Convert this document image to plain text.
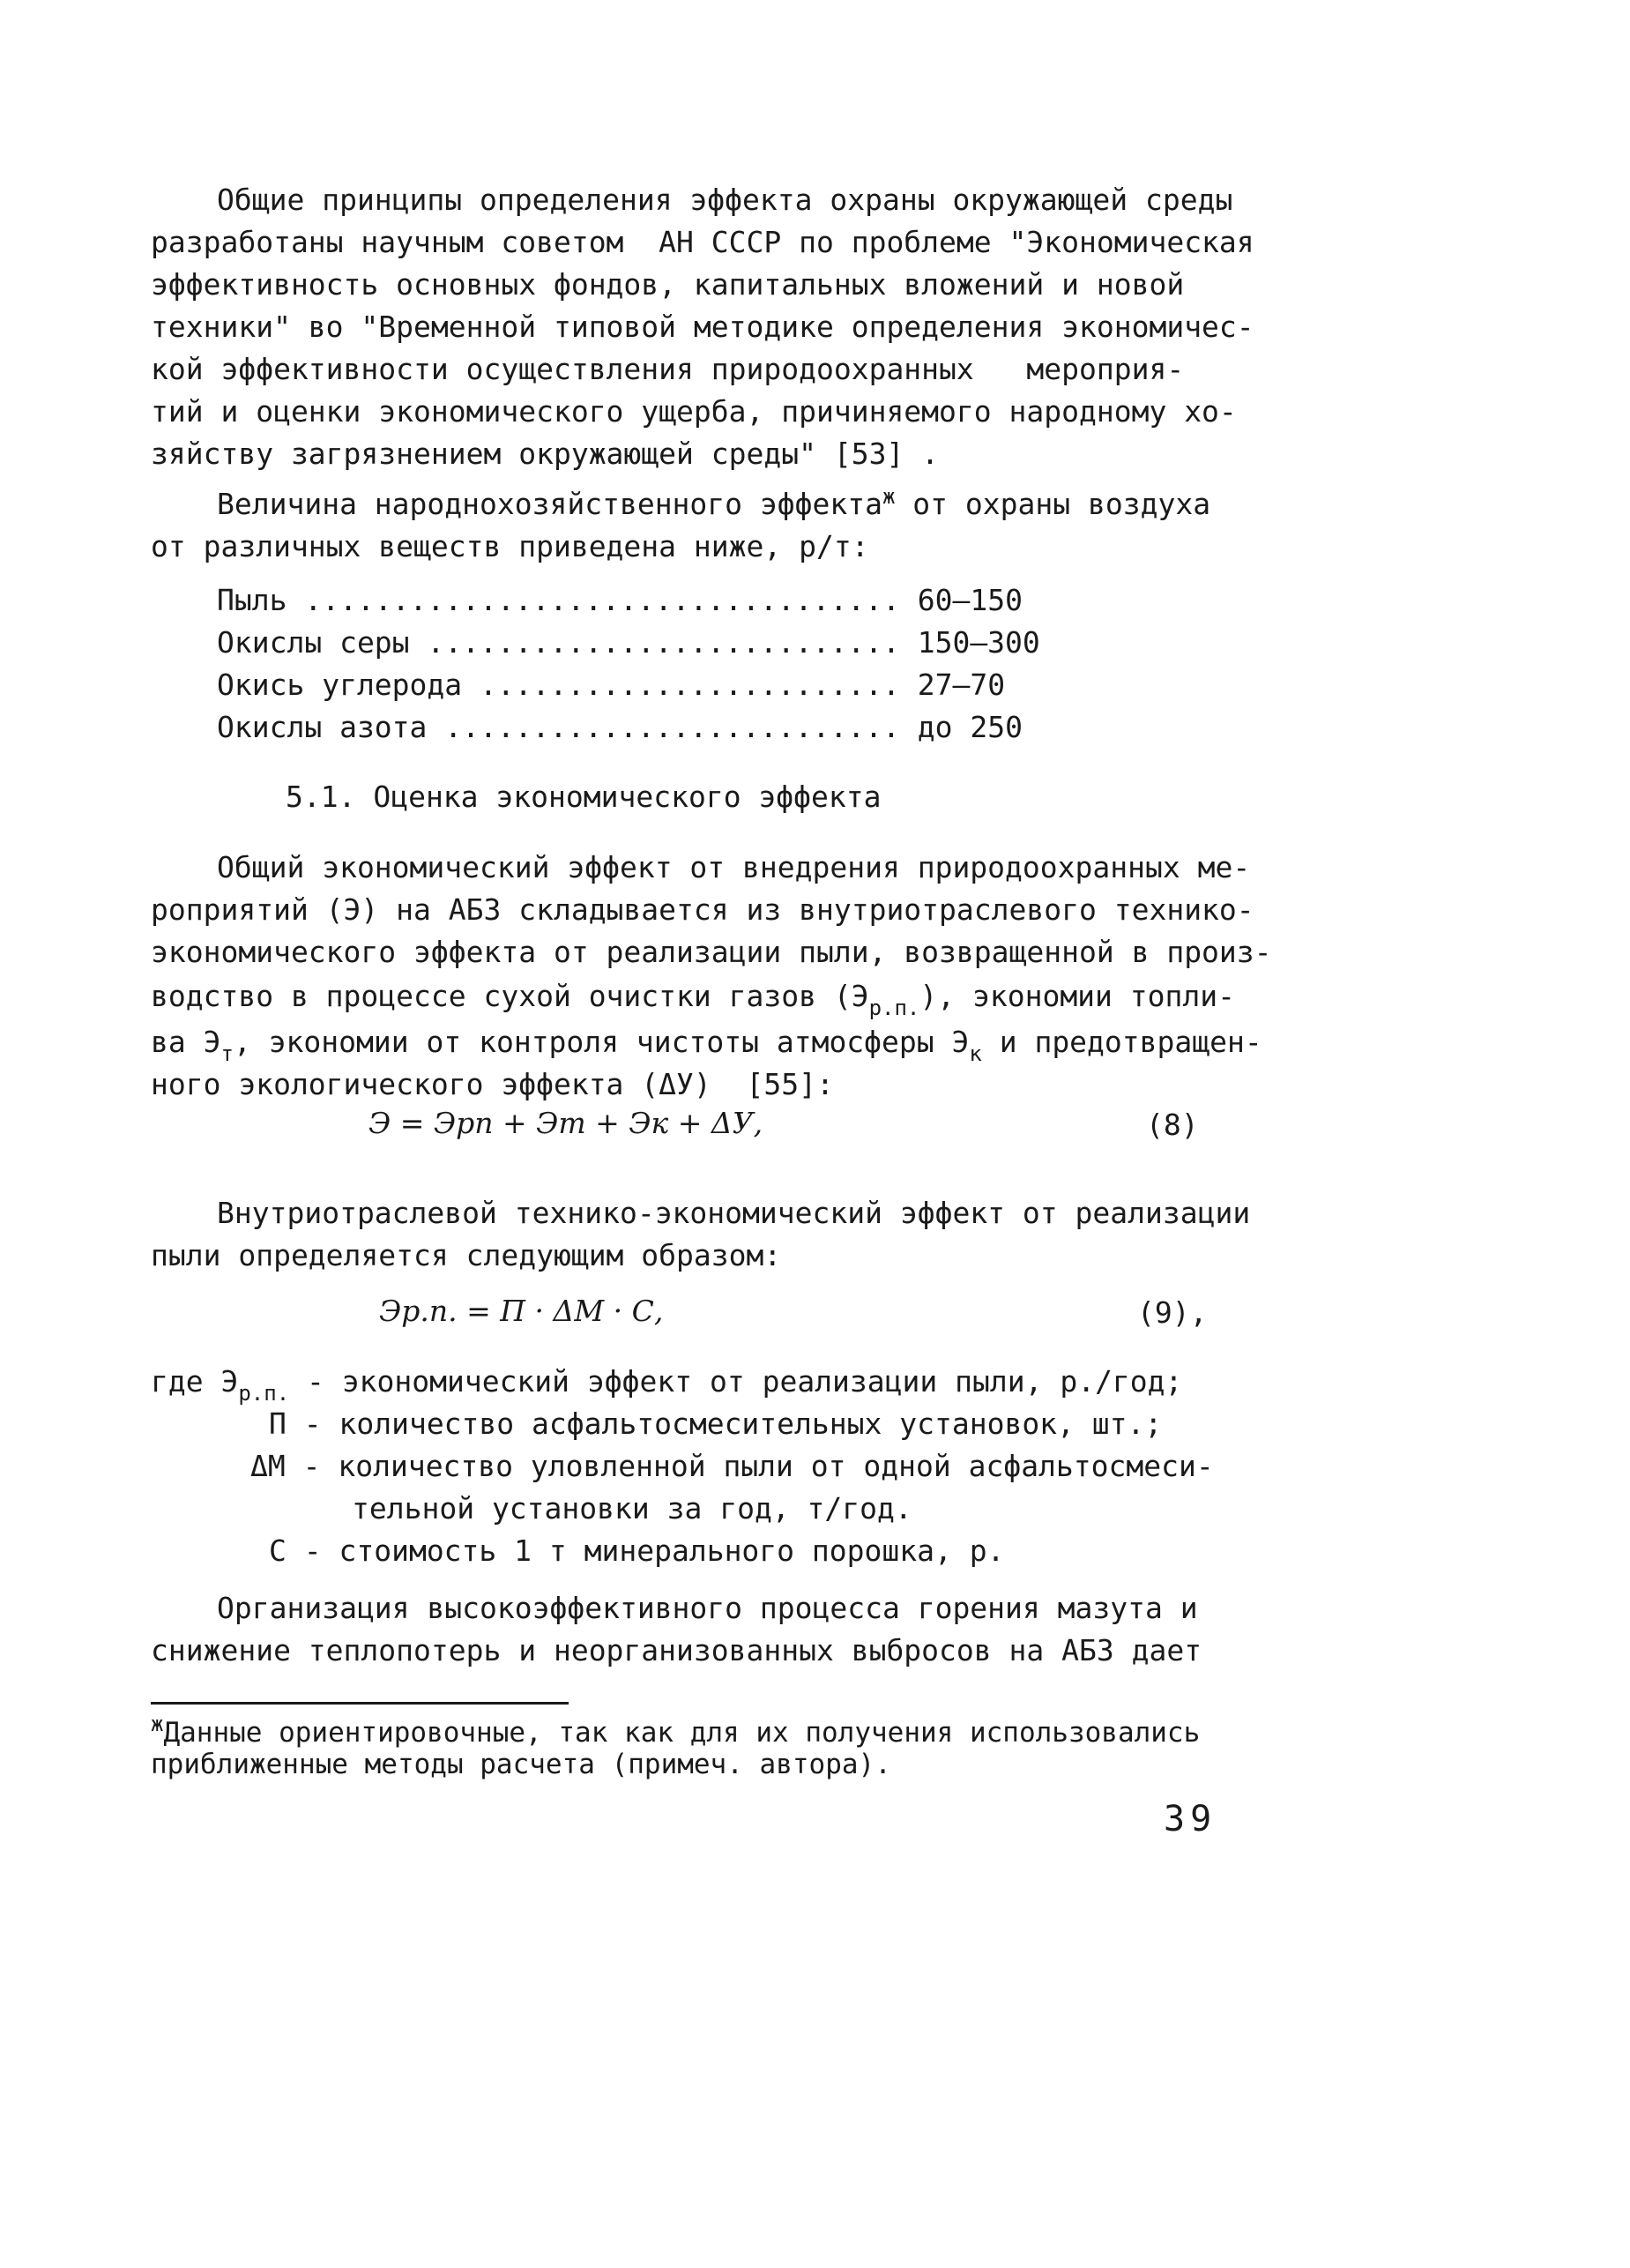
Общие принципы определения эффекта охраны окружающей среды
разработаны научным советом  АН СССР по проблеме "Экономическая
эффективность основных фондов, капитальных вложений и новой
техники" во "Временной типовой методике определения экономичес-
кой эффективности осуществления природоохранных   мероприя-
тий и оценки экономического ущерба, причиняемого народному хо-
зяйству загрязнением окружающей среды" [53] .
Величина народнохозяйственного эффекта$^ж$ от охраны воздуха
от различных веществ приведена ниже, р/т:
Пыль .................................. 60–150
Окислы серы ........................... 150–300
Окись углерода ........................ 27–70
Окислы азота .......................... до 250
5.1. Оценка экономического эффекта
Общий экономический эффект от внедрения природоохранных ме-
роприятий (Э) на АБЗ складывается из внутриотраслевого технико-
экономического эффекта от реализации пыли, возвращенной в произ-
водство в процессе сухой очистки газов $(Э_{р.п.})$, экономии топли-
ва $Э_т$, экономии от контроля чистоты атмосферы $Э_к$ и предотвращен-
ного экологического эффекта (ΔУ)  [55]:
Э = Эрп + Эт + Эк + ΔУ,	(8)
Внутриотраслевой технико-экономический эффект от реализации
пыли определяется следующим образом:
Эр.п. = П · ΔМ · С,	(9),
где $Э_{р.п.}$ - экономический эффект от реализации пыли, р./год;
П - количество асфальтосмесительных установок, шт.;
ΔМ - количество уловленной пыли от одной асфальтосмеси-
тельной установки за год, т/год.
С - стоимость 1 т минерального порошка, р.
Организация высокоэффективного процесса горения мазута и
снижение теплопотерь и неорганизованных выбросов на АБЗ дает
$^ж$Данные ориентировочные, так как для их получения использовались
приближенные методы расчета (примеч. автора).
39
